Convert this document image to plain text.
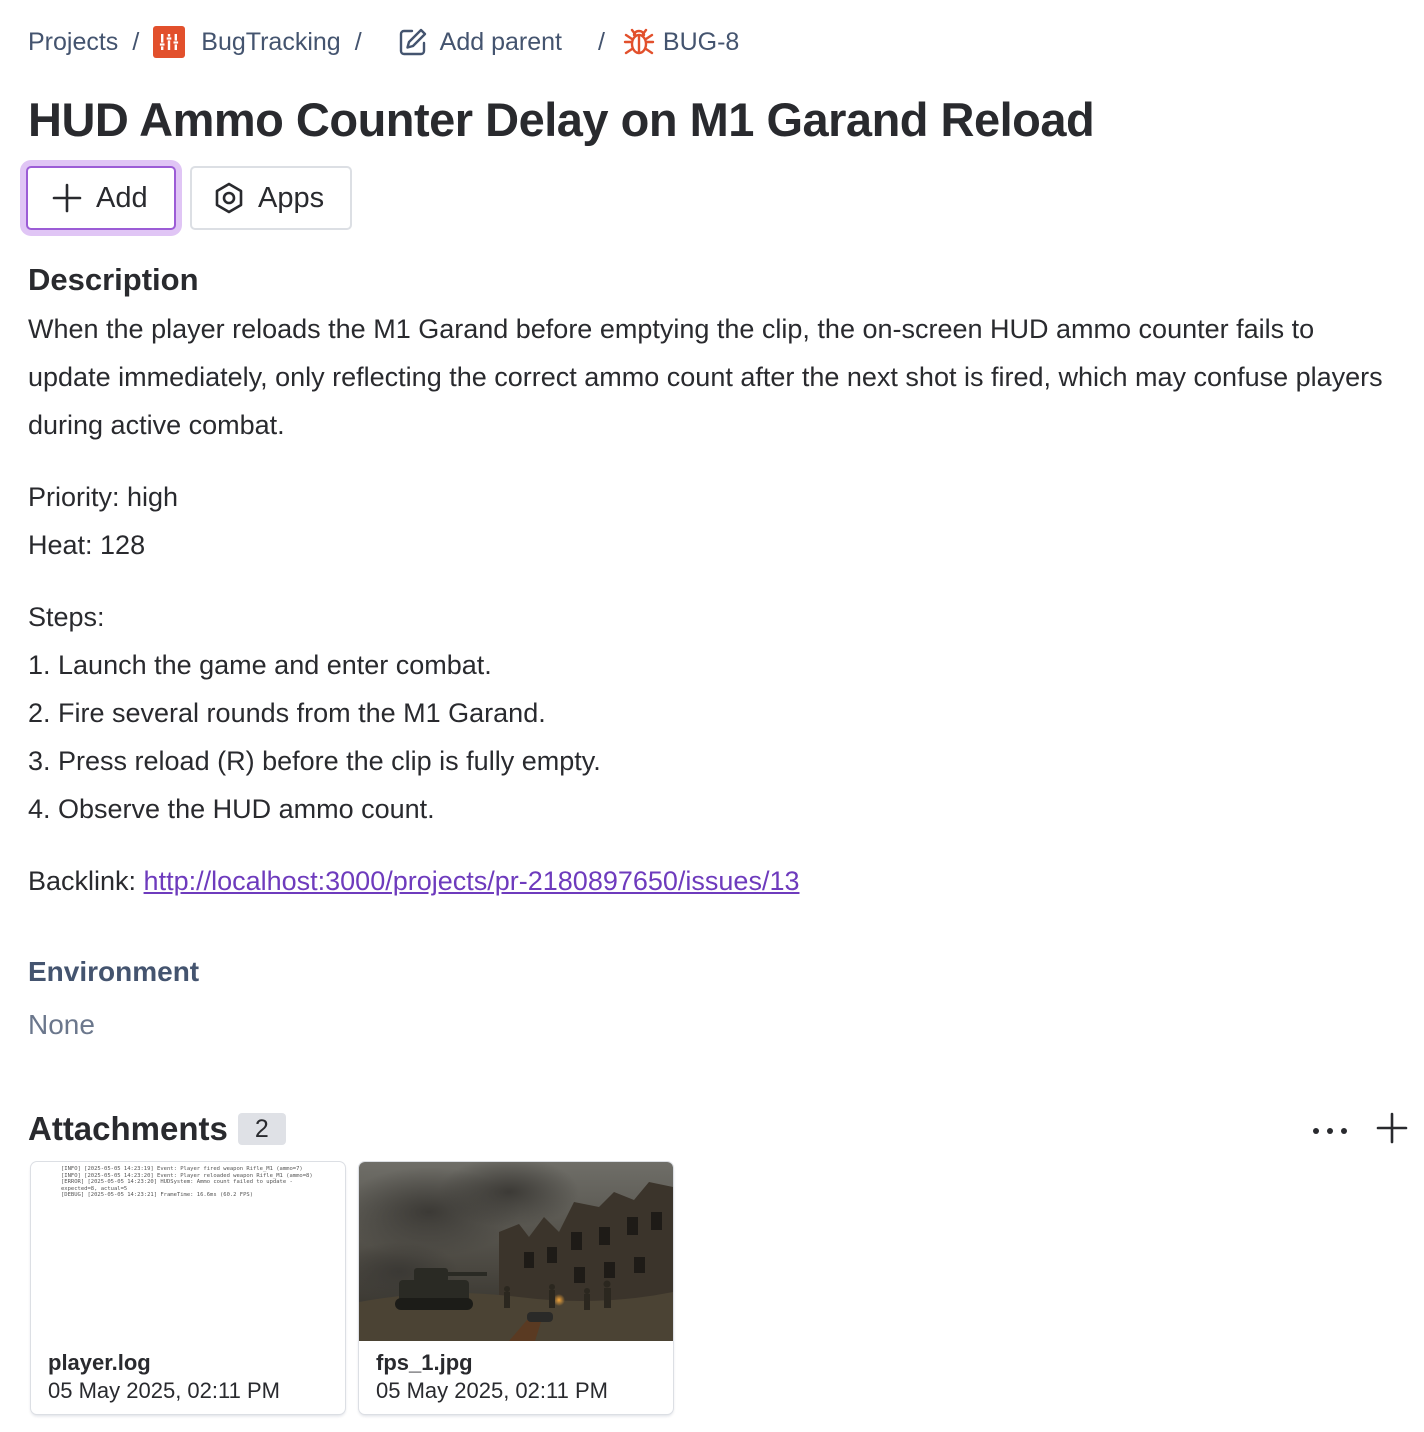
Projects / BugTracking /	Add parent / BUG-8
HUD Ammo Counter Delay on M1 Garand Reload
Add	Apps
Description

When the player reloads the M1 Garand before emptying the clip, the on-screen HUD ammo counter fails to update immediately, only reflecting the correct ammo count after the next shot is fired, which may confuse players during active combat.

Priority: high

Heat: 128

Steps:

1. Launch the game and enter combat.

2. Fire several rounds from the M1 Garand.

3. Press reload (R) before the clip is fully empty.

4. Observe the HUD ammo count.

Backlink: http://localhost:3000/projects/pr-2180897650/issues/13

Environment
None
Attachments	2
[INFO] [2025-05-05 14:23:19] Event: Player fired weapon Rifle_M1 (ammo=7)
[INFO] [2025-05-05 14:23:20] Event: Player reloaded weapon Rifle_M1 (ammo=8)
[ERROR] [2025-05-05 14:23:20] HUDSystem: Ammo count failed to update -
expected=8, actual=5
[DEBUG] [2025-05-05 14:23:21] FrameTime: 16.6ms (60.2 FPS)
player.log
05 May 2025, 02:11 PM
fps_1.jpg
05 May 2025, 02:11 PM
